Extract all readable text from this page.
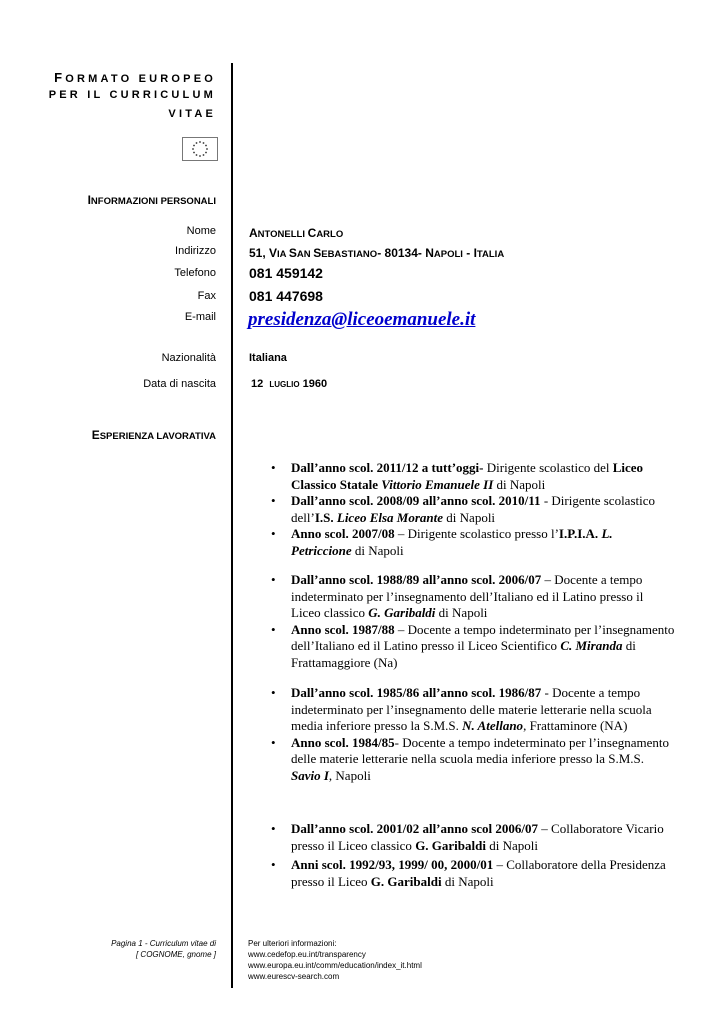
FORMATO EUROPEO
PER IL CURRICULUM
VITAE
INFORMAZIONI PERSONALI
Nome	ANTONELLI CARLO
Indirizzo	51, VIA SAN SEBASTIANO- 80134- NAPOLI - ITALIA
Telefono 081 459142
Fax 081 447698
E-mail presidenza@liceoemanuele.it
Nazionalità	Italiana
Data di nascita	12 LUGLIO 1960
ESPERIENZA LAVORATIVA
• Dall’anno scol. 2011/12 a tutt’oggi- Dirigente scolastico del Liceo Classico Statale Vittorio Emanuele II di Napoli
• Dall’anno scol. 2008/09 all’anno scol. 2010/11 - Dirigente scolastico dell’I.S. Liceo Elsa Morante di Napoli
• Anno scol. 2007/08 – Dirigente scolastico presso l’I.P.I.A. L. Petriccione di Napoli
• Dall’anno scol. 1988/89 all’anno scol. 2006/07 – Docente a tempo indeterminato per l’insegnamento dell’Italiano ed il Latino presso il Liceo classico G. Garibaldi di Napoli
• Anno scol. 1987/88 – Docente a tempo indeterminato per l’insegnamento dell’Italiano ed il Latino presso il Liceo Scientifico C. Miranda di Frattamaggiore (Na)
• Dall’anno scol. 1985/86 all’anno scol. 1986/87 - Docente a tempo indeterminato per l’insegnamento delle materie letterarie nella scuola media inferiore presso la S.M.S. N. Atellano, Frattaminore (NA)
• Anno scol. 1984/85- Docente a tempo indeterminato per l’insegnamento delle materie letterarie nella scuola media inferiore presso la S.M.S. Savio I, Napoli
• Dall’anno scol. 2001/02 all’anno scol 2006/07 – Collaboratore Vicario presso il Liceo classico G. Garibaldi di Napoli
• Anni scol. 1992/93, 1999/ 00, 2000/01 – Collaboratore della Presidenza presso il Liceo G. Garibaldi di Napoli
Pagina 1 - Curriculum vitae di
[ COGNOME, gnome ]
Per ulteriori informazioni:
www.cedefop.eu.int/transparency
www.europa.eu.int/comm/education/index_it.html
www.eurescv-search.com
